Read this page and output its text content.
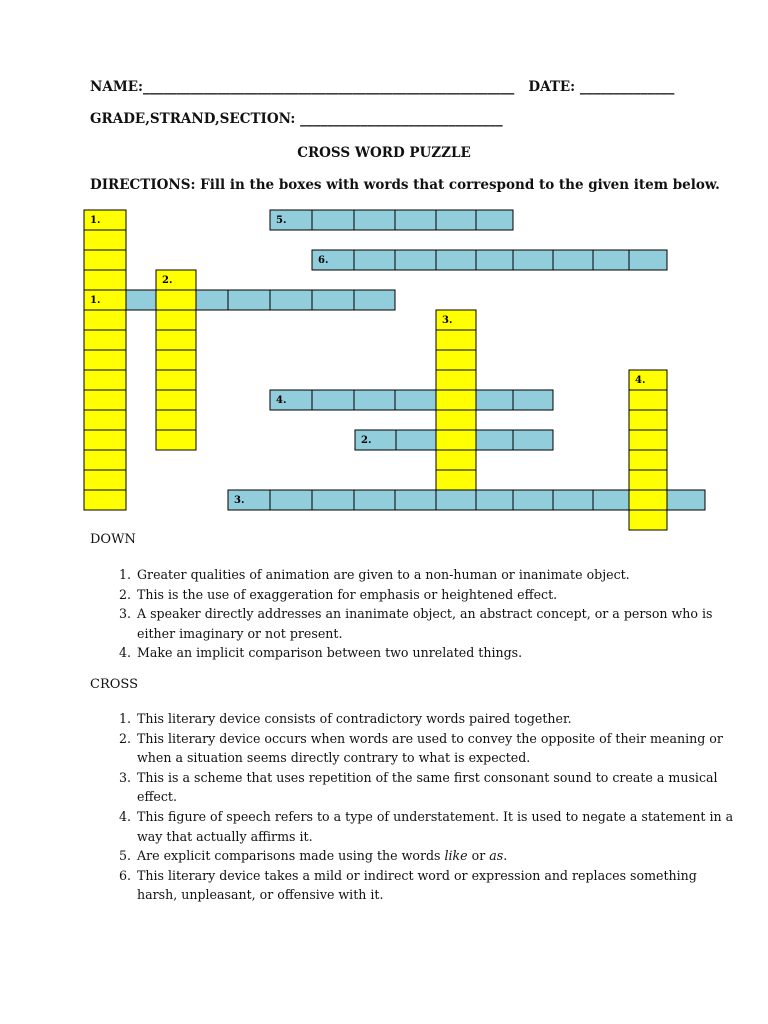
NAME:_______________________________________________________   DATE: ______________
GRADE,STRAND,SECTION: ______________________________
CROSS WORD PUZZLE
DIRECTIONS: Fill in the boxes with words that correspond to the given item below.
1.
2.
3.
4.
1.
2.
3.
4.
5.
6.
DOWN
1. Greater qualities of animation are given to a non-human or inanimate object.
2. This is the use of exaggeration for emphasis or heightened effect.
3. A speaker directly addresses an inanimate object, an abstract concept, or a person who is either imaginary or not present.
4. Make an implicit comparison between two unrelated things.
CROSS
1. This literary device consists of contradictory words paired together.
2. This literary device occurs when words are used to convey the opposite of their meaning or when a situation seems directly contrary to what is expected.
3. This is a scheme that uses repetition of the same first consonant sound to create a musical effect.
4. This figure of speech refers to a type of understatement. It is used to negate a statement in a way that actually affirms it.
5. Are explicit comparisons made using the words like or as.
6. This literary device takes a mild or indirect word or expression and replaces something harsh, unpleasant, or offensive with it.
